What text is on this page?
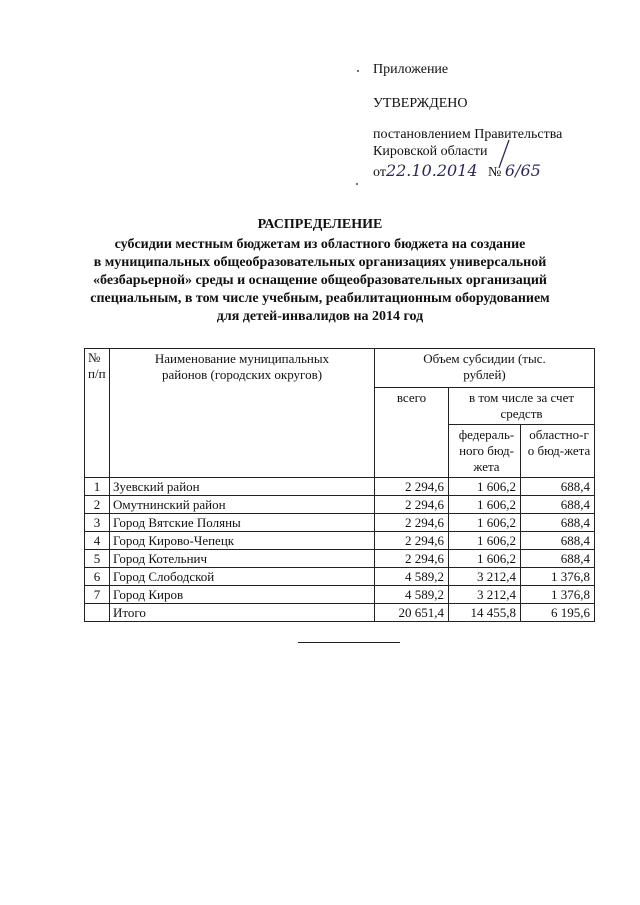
Приложение
УТВЕРЖДЕНО
постановлением Правительства
Кировской области
от22.10.2014 № 6/65
РАСПРЕДЕЛЕНИЕ
субсидии местным бюджетам из областного бюджета на создание
в муниципальных общеобразовательных организациях универсальной
«безбарьерной» среды и оснащение общеобразовательных организаций
специальным, в том числе учебным, реабилитационным оборудованием
для детей-инвалидов на 2014 год
№ п/п	Наименование муниципальных районов (городских округов)	Объем субсидии (тыс. рублей)		
		всего	в том числе за счет средств	
			федераль-ного бюд-жета	областно-го бюд-жета
1	Зуевский район	2 294,6	1 606,2	688,4
2	Омутнинский район	2 294,6	1 606,2	688,4
3	Город Вятские Поляны	2 294,6	1 606,2	688,4
4	Город Кирово-Чепецк	2 294,6	1 606,2	688,4
5	Город Котельнич	2 294,6	1 606,2	688,4
6	Город Слободской	4 589,2	3 212,4	1 376,8
7	Город Киров	4 589,2	3 212,4	1 376,8
	Итого	20 651,4	14 455,8	6 195,6
